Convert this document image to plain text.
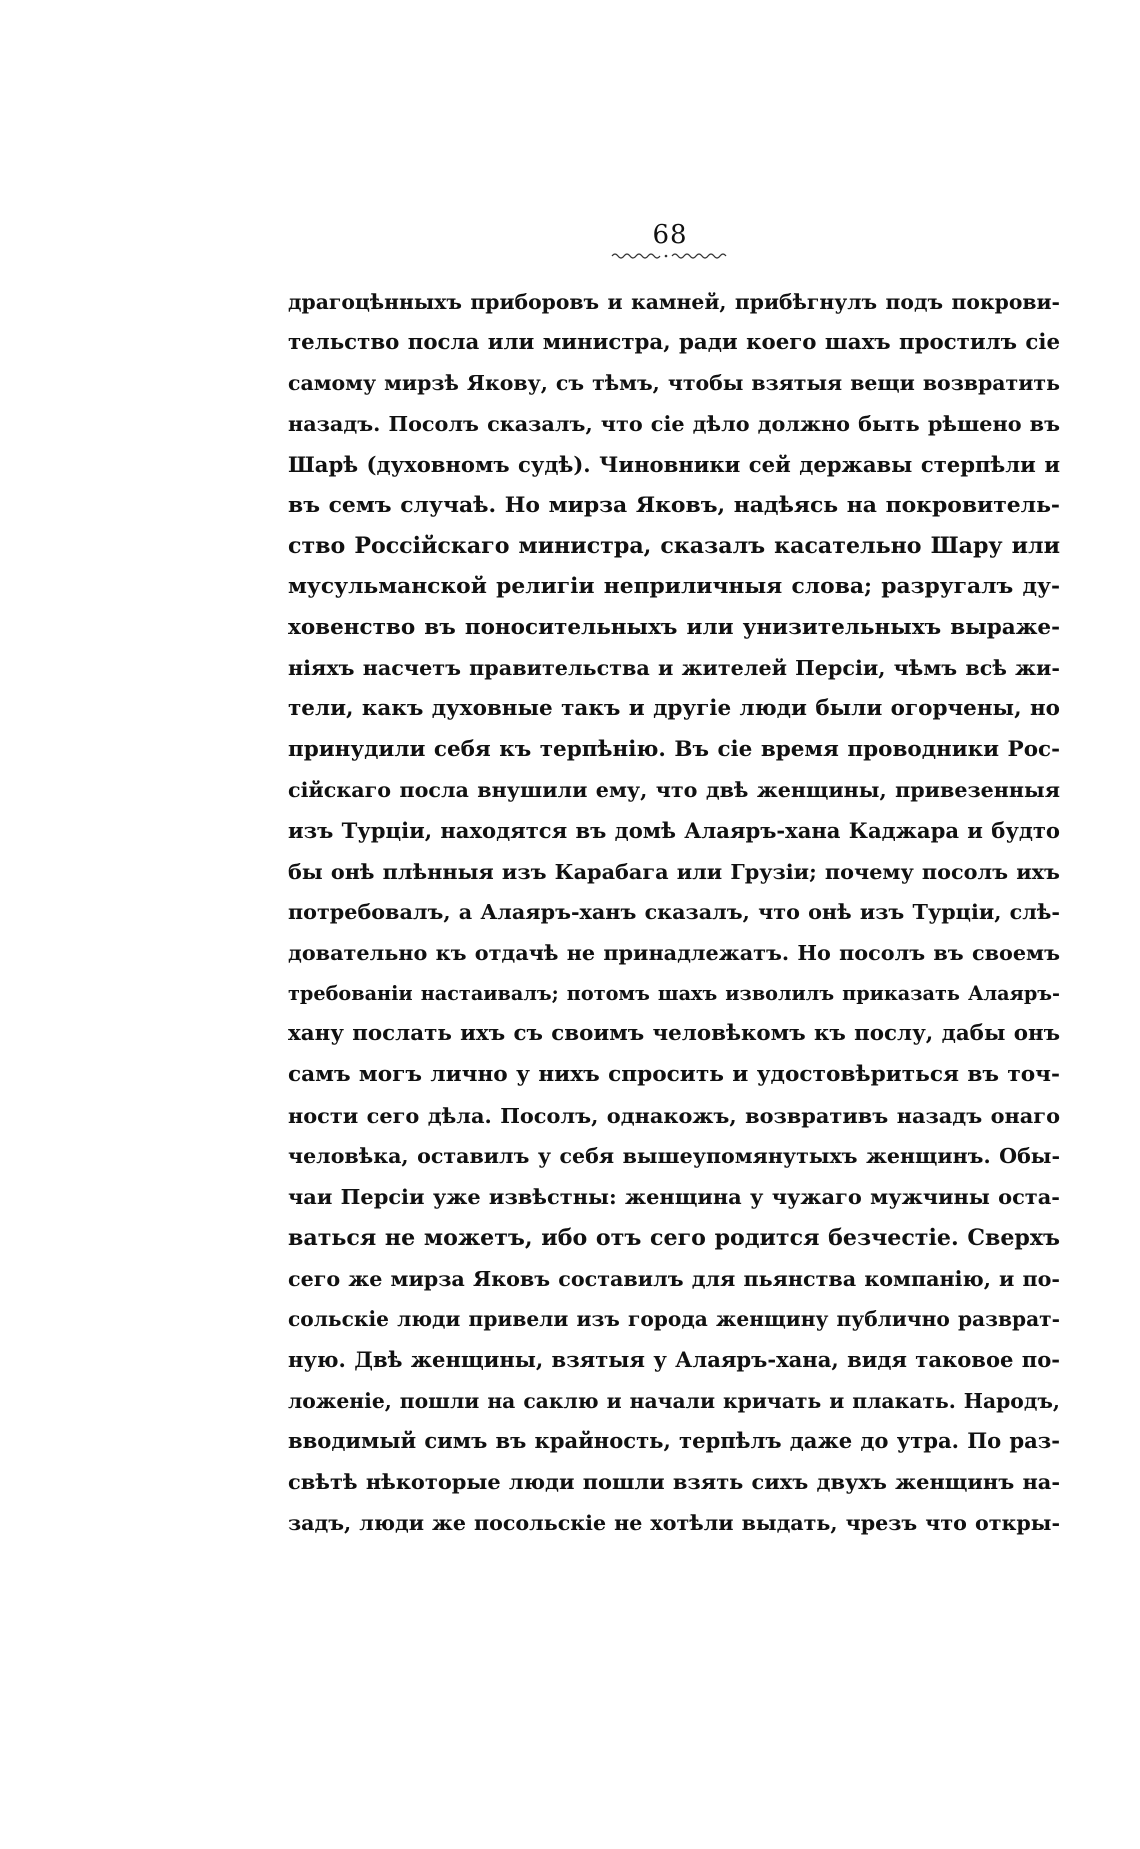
68
драгоцѣнныхъ приборовъ и камней, прибѣгнулъ подъ покрови-
тельство посла или министра, ради коего шахъ простилъ сіе
самому мирзѣ Якову, съ тѣмъ, чтобы взятыя вещи возвратить
назадъ. Посолъ сказалъ, что сіе дѣло должно быть рѣшено въ
Шарѣ (духовномъ судѣ). Чиновники сей державы стерпѣли и
въ семъ случаѣ. Но мирза Яковъ, надѣясь на покровитель-
ство Россійскаго министра, сказалъ касательно Шару или
мусульманской религіи неприличныя слова; разругалъ ду-
ховенство въ поносительныхъ или унизительныхъ выраже-
ніяхъ насчетъ правительства и жителей Персіи, чѣмъ всѣ жи-
тели, какъ духовные такъ и другіе люди были огорчены, но
принудили себя къ терпѣнію. Въ сіе время проводники Рос-
сійскаго посла внушили ему, что двѣ женщины, привезенныя
изъ Турціи, находятся въ домѣ Алаяръ-хана Каджара и будто
бы онѣ плѣнныя изъ Карабага или Грузіи; почему посолъ ихъ
потребовалъ, а Алаяръ-ханъ сказалъ, что онѣ изъ Турціи, слѣ-
довательно къ отдачѣ не принадлежатъ. Но посолъ въ своемъ
требованіи настаивалъ; потомъ шахъ изволилъ приказать Алаяръ-
хану послать ихъ съ своимъ человѣкомъ къ послу, дабы онъ
самъ могъ лично у нихъ спросить и удостовѣриться въ точ-
ности сего дѣла. Посолъ, однакожъ, возвративъ назадъ онаго
человѣка, оставилъ у себя вышеупомянутыхъ женщинъ. Обы-
чаи Персіи уже извѣстны: женщина у чужаго мужчины оста-
ваться не можетъ, ибо отъ сего родится безчестіе. Сверхъ
сего же мирза Яковъ составилъ для пьянства компанію, и по-
сольскіе люди привели изъ города женщину публично разврат-
ную. Двѣ женщины, взятыя у Алаяръ-хана, видя таковое по-
ложеніе, пошли на саклю и начали кричать и плакать. Народъ,
вводимый симъ въ крайность, терпѣлъ даже до утра. По раз-
свѣтѣ нѣкоторые люди пошли взять сихъ двухъ женщинъ на-
задъ, люди же посольскіе не хотѣли выдать, чрезъ что откры-
